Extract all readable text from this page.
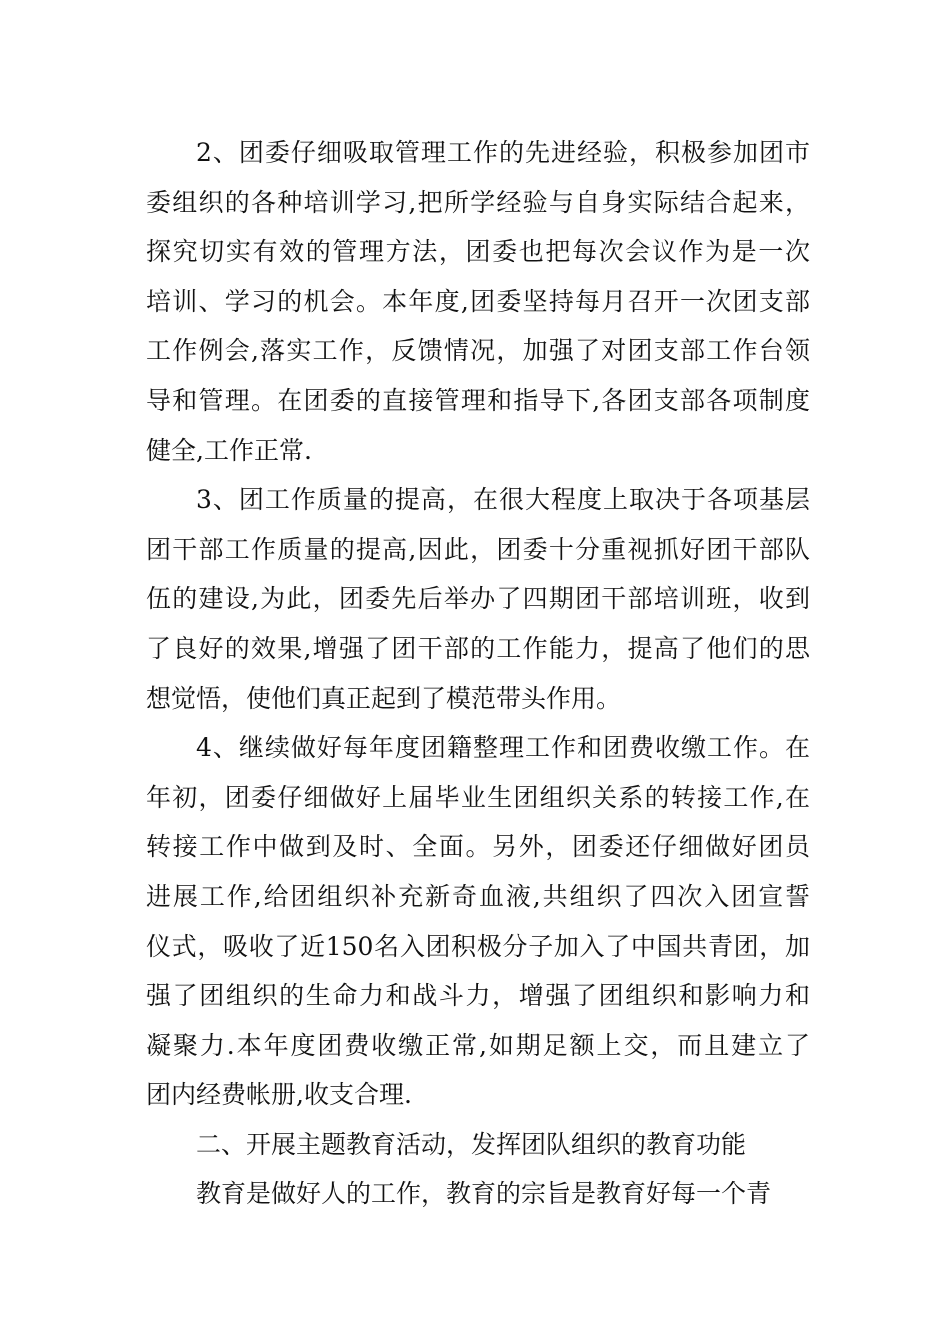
2、团委仔细吸取管理工作的先进经验，积极参加团市
委组织的各种培训学习,把所学经验与自身实际结合起来，
探究切实有效的管理方法，团委也把每次会议作为是一次
培训、学习的机会。本年度,团委坚持每月召开一次团支部
工作例会,落实工作，反馈情况，加强了对团支部工作台领
导和管理。在团委的直接管理和指导下,各团支部各项制度
健全,工作正常.
3、团工作质量的提高，在很大程度上取决于各项基层
团干部工作质量的提高,因此，团委十分重视抓好团干部队
伍的建设,为此，团委先后举办了四期团干部培训班，收到
了良好的效果,增强了团干部的工作能力，提高了他们的思
想觉悟，使他们真正起到了模范带头作用。
4、继续做好每年度团籍整理工作和团费收缴工作。在
年初，团委仔细做好上届毕业生团组织关系的转接工作,在
转接工作中做到及时、全面。另外，团委还仔细做好团员
进展工作,给团组织补充新奇血液,共组织了四次入团宣誓
仪式，吸收了近150名入团积极分子加入了中国共青团，加
强了团组织的生命力和战斗力，增强了团组织和影响力和
凝聚力.本年度团费收缴正常,如期足额上交，而且建立了
团内经费帐册,收支合理.
二、开展主题教育活动，发挥团队组织的教育功能
教育是做好人的工作，教育的宗旨是教育好每一个青
